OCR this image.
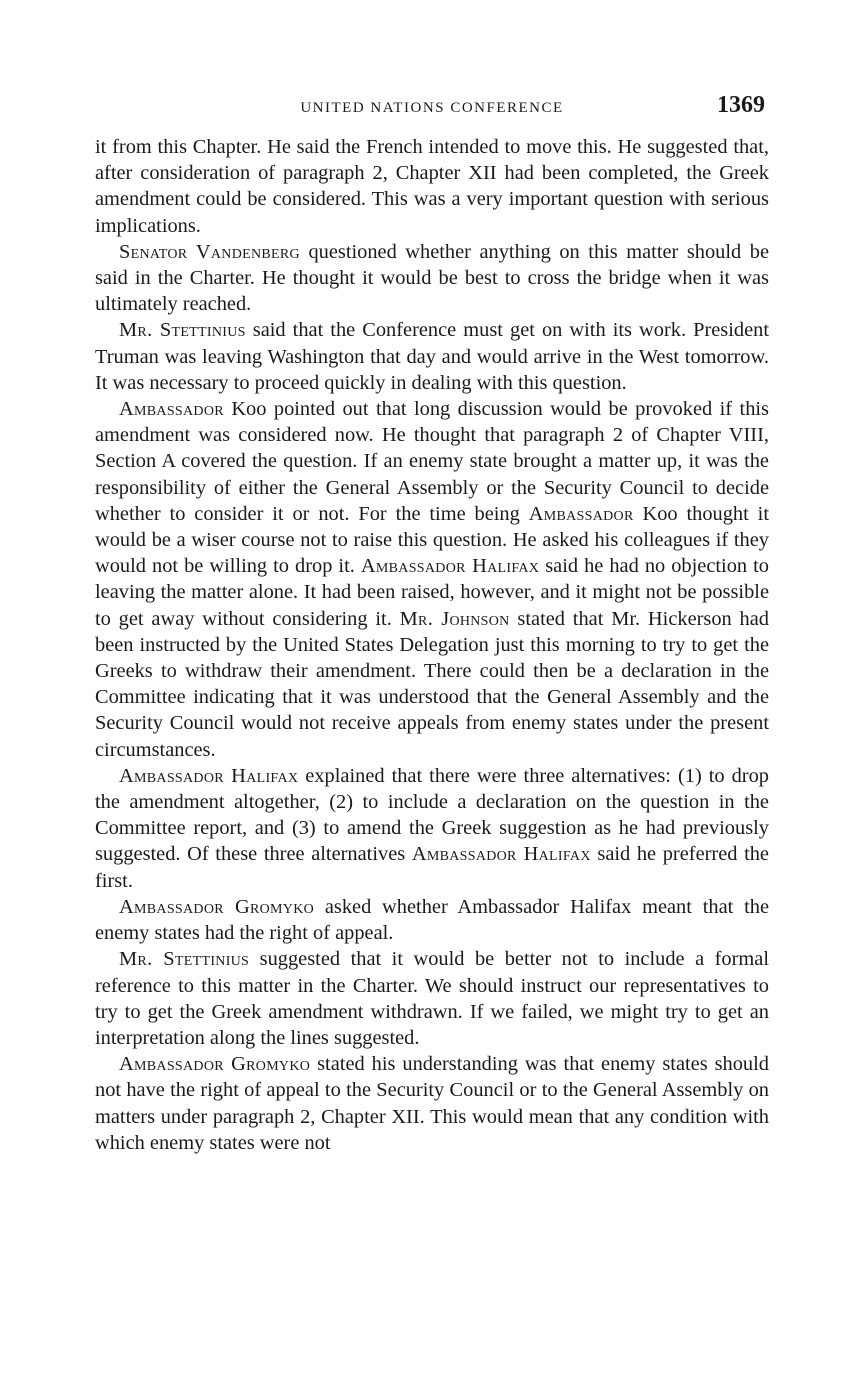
UNITED NATIONS CONFERENCE	1369

it from this Chapter. He said the French intended to move this. He suggested that, after consideration of paragraph 2, Chapter XII had been completed, the Greek amendment could be considered. This was a very important question with serious implications.

Senator Vandenberg questioned whether anything on this matter should be said in the Charter. He thought it would be best to cross the bridge when it was ultimately reached.

Mr. Stettinius said that the Conference must get on with its work. President Truman was leaving Washington that day and would arrive in the West tomorrow. It was necessary to proceed quickly in dealing with this question.

Ambassador Koo pointed out that long discussion would be provoked if this amendment was considered now. He thought that paragraph 2 of Chapter VIII, Section A covered the question. If an enemy state brought a matter up, it was the responsibility of either the General Assembly or the Security Council to decide whether to consider it or not. For the time being Ambassador Koo thought it would be a wiser course not to raise this question. He asked his colleagues if they would not be willing to drop it. Ambassador Halifax said he had no objection to leaving the matter alone. It had been raised, however, and it might not be possible to get away without considering it. Mr. Johnson stated that Mr. Hickerson had been instructed by the United States Delegation just this morning to try to get the Greeks to withdraw their amendment. There could then be a declaration in the Committee indicating that it was understood that the General Assembly and the Security Council would not receive appeals from enemy states under the present circumstances.

Ambassador Halifax explained that there were three alternatives: (1) to drop the amendment altogether, (2) to include a declaration on the question in the Committee report, and (3) to amend the Greek suggestion as he had previously suggested. Of these three alternatives Ambassador Halifax said he preferred the first.

Ambassador Gromyko asked whether Ambassador Halifax meant that the enemy states had the right of appeal.

Mr. Stettinius suggested that it would be better not to include a formal reference to this matter in the Charter. We should instruct our representatives to try to get the Greek amendment withdrawn. If we failed, we might try to get an interpretation along the lines suggested.

Ambassador Gromyko stated his understanding was that enemy states should not have the right of appeal to the Security Council or to the General Assembly on matters under paragraph 2, Chapter XII. This would mean that any condition with which enemy states were not
